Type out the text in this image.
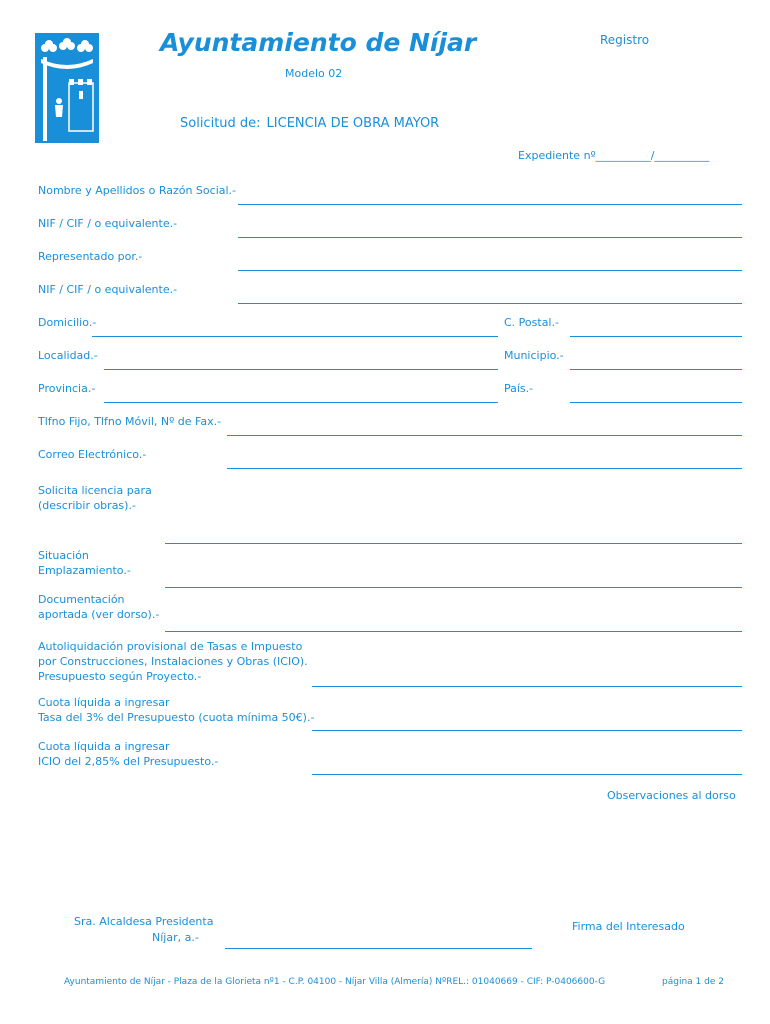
Ayuntamiento de Níjar
Modelo 02
Registro
Solicitud de: LICENCIA DE OBRA MAYOR
Expediente nº__________/__________
Nombre y Apellidos o Razón Social.-
NIF / CIF / o equivalente.-
Representado por.-
NIF / CIF / o equivalente.-
Domicilio.-	C. Postal.-
Localidad.-	Municipio.-
Provincia.-	País.-
Tlfno Fijo, Tlfno Móvil, Nº de Fax.-
Correo Electrónico.-
Solicita licencia para
(describir obras).-
Situación
Emplazamiento.-
Documentación
aportada (ver dorso).-
Autoliquidación provisional de Tasas e Impuesto
por Construcciones, Instalaciones y Obras (ICIO).
Presupuesto según Proyecto.-
Cuota líquida a ingresar
Tasa del 3% del Presupuesto (cuota mínima 50€).-
Cuota líquida a ingresar
ICIO del 2,85% del Presupuesto.-
Observaciones al dorso
Sra. Alcaldesa Presidenta
Níjar, a.-
Firma del Interesado
Ayuntamiento de Níjar - Plaza de la Glorieta nº1 - C.P. 04100 - Níjar Villa (Almería) NºREL.: 01040669 - CIF: P-0406600-G	página 1 de 2
